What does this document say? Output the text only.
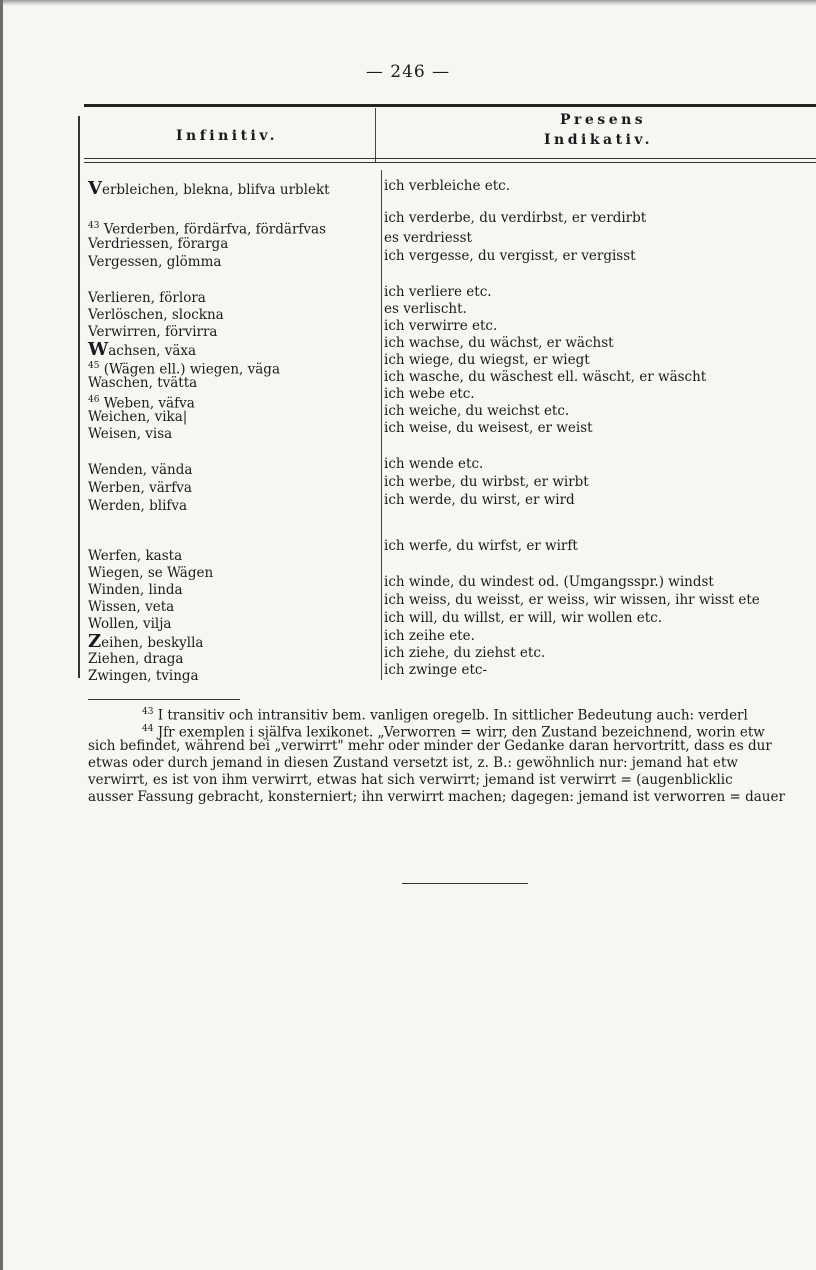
— 246 —
Infinitiv.
Presens
Indikativ.
Verbleichen, blekna, blifva urblekt	ich verbleiche etc.
$^{43}$ Verderben, fördärfva, fördärfvas
Verdriessen, förarga
Vergessen, glömma
ich verderbe, du verdirbst, er verdirbt
es verdriesst
ich vergesse, du vergisst, er vergisst
Verlieren, förlora
Verlöschen, slockna
Verwirren, förvirra
Wachsen, växa
$^{45}$ (Wägen ell.) wiegen, väga
Waschen, tvätta
$^{46}$ Weben, väfva
Weichen, vika|
Weisen, visa
ich verliere etc.
es verlischt.
ich verwirre etc.
ich wachse, du wächst, er wächst
ich wiege, du wiegst, er wiegt
ich wasche, du wäschest ell. wäscht, er wäscht
ich webe etc.
ich weiche, du weichst etc.
ich weise, du weisest, er weist
Wenden, vända
Werben, värfva
Werden, blifva
ich wende etc.
ich werbe, du wirbst, er wirbt
ich werde, du wirst, er wird
Werfen, kasta
Wiegen, se Wägen
Winden, linda
Wissen, veta
Wollen, vilja
Zeihen, beskylla
Ziehen, draga
Zwingen, tvinga
ich werfe, du wirfst, er wirft
ich winde, du windest od. (Umgangsspr.) windst
ich weiss, du weisst, er weiss, wir wissen, ihr wisst ete
ich will, du willst, er will, wir wollen etc.
ich zeihe ete.
ich ziehe, du ziehst etc.
ich zwinge etc-
$^{43}$ I transitiv och intransitiv bem. vanligen oregelb. In sittlicher Bedeutung auch: verderl
$^{44}$ Jfr exemplen i själfva lexikonet. „Verworren = wirr, den Zustand bezeichnend, worin etw
sich befindet, während bei „verwirrt" mehr oder minder der Gedanke daran hervortritt, dass es dur
etwas oder durch jemand in diesen Zustand versetzt ist, z. B.: gewöhnlich nur: jemand hat etw
verwirrt, es ist von ihm verwirrt, etwas hat sich verwirrt; jemand ist verwirrt = (augenblicklic
ausser Fassung gebracht, konsterniert; ihn verwirrt machen; dagegen: jemand ist verworren = dauer
